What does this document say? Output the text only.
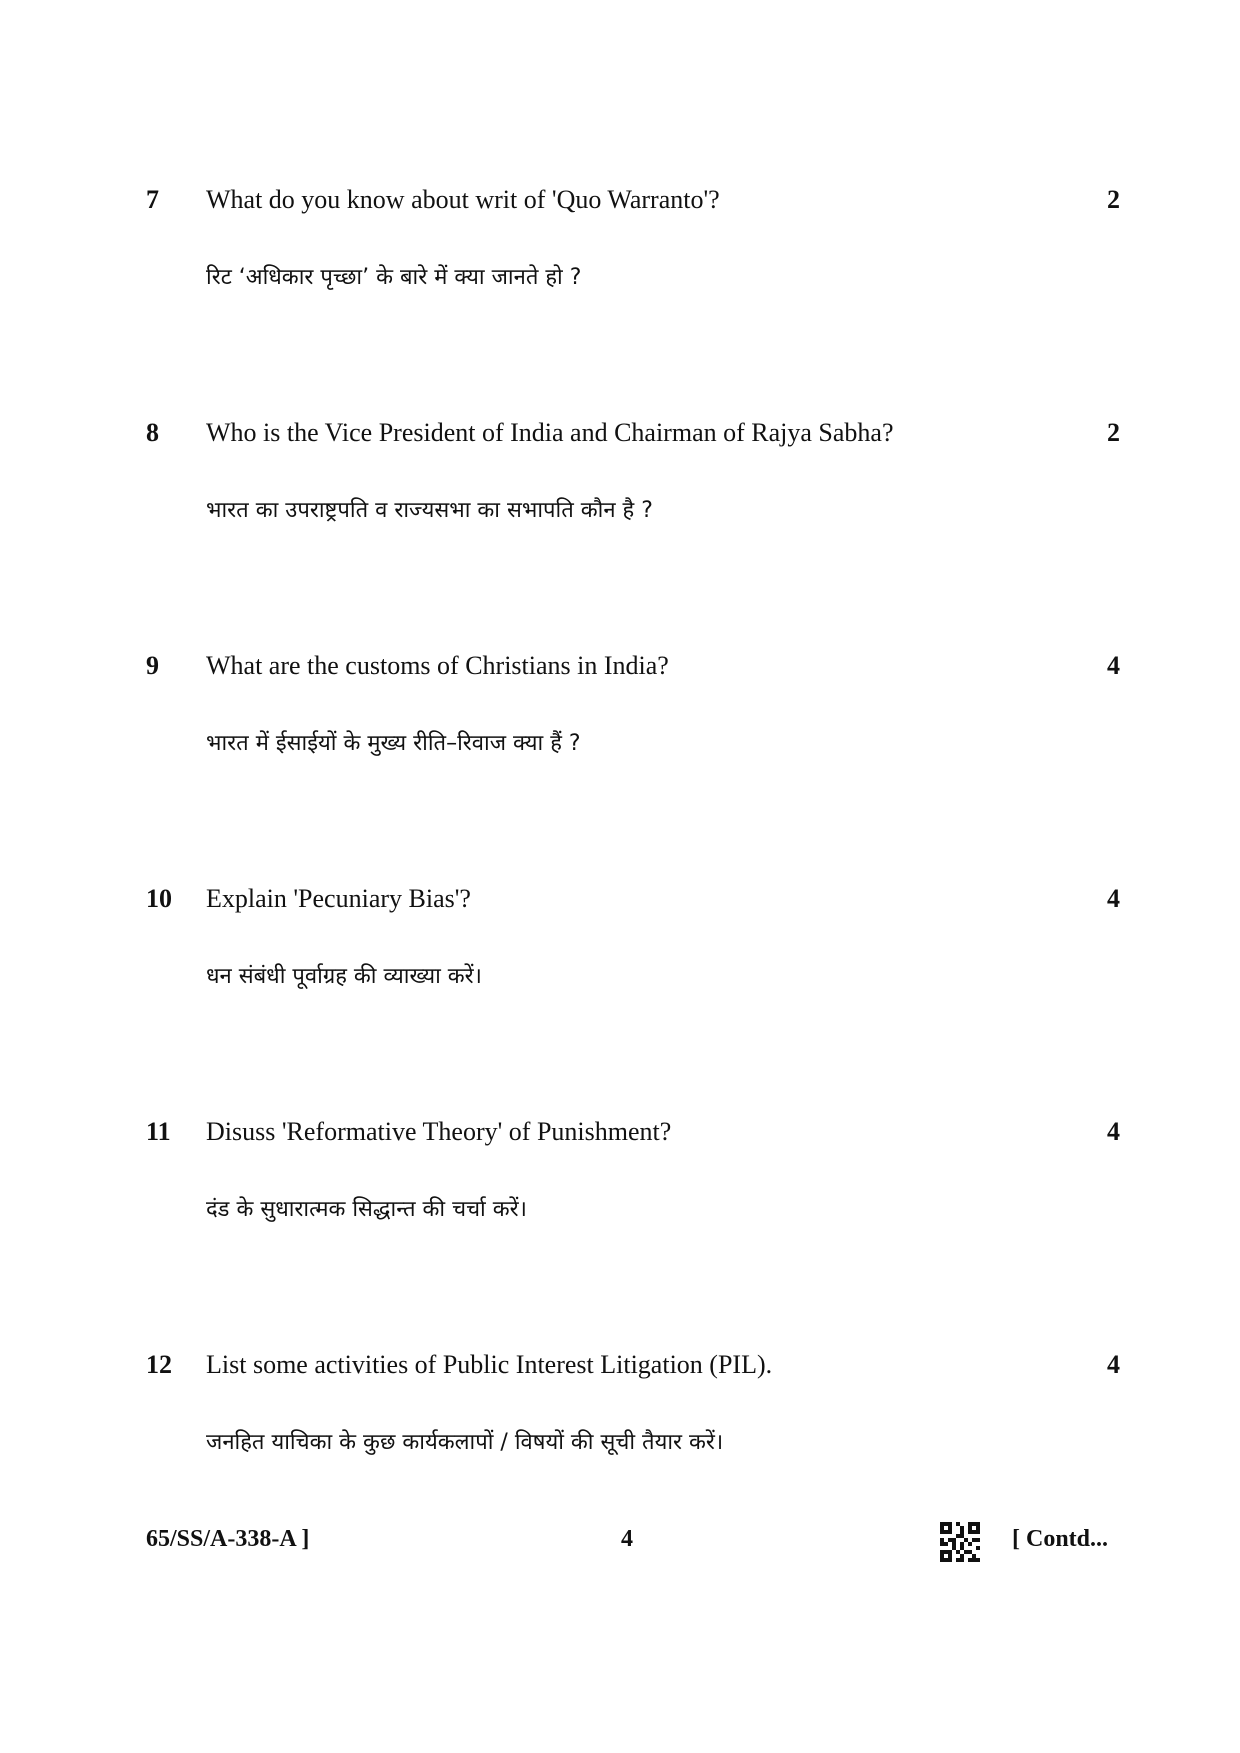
7 What do you know about writ of 'Quo Warranto'?
रिट ‘अधिकार पृच्छा’ के बारे में क्या जानते हो ?
2
8 Who is the Vice President of India and Chairman of Rajya Sabha?
भारत का उपराष्ट्रपति व राज्यसभा का सभापति कौन है ?
2
9 What are the customs of Christians in India?
भारत में ईसाईयों के मुख्य रीति–रिवाज क्या हैं ?
4
10 Explain 'Pecuniary Bias'?
धन संबंधी पूर्वाग्रह की व्याख्या करें।
4
11 Disuss 'Reformative Theory' of Punishment?
दंड के सुधारात्मक सिद्धान्त की चर्चा करें।
4
12 List some activities of Public Interest Litigation (PIL).
जनहित याचिका के कुछ कार्यकलापों / विषयों की सूची तैयार करें।
4
65/SS/A-338-A ]	4	[ Contd...
